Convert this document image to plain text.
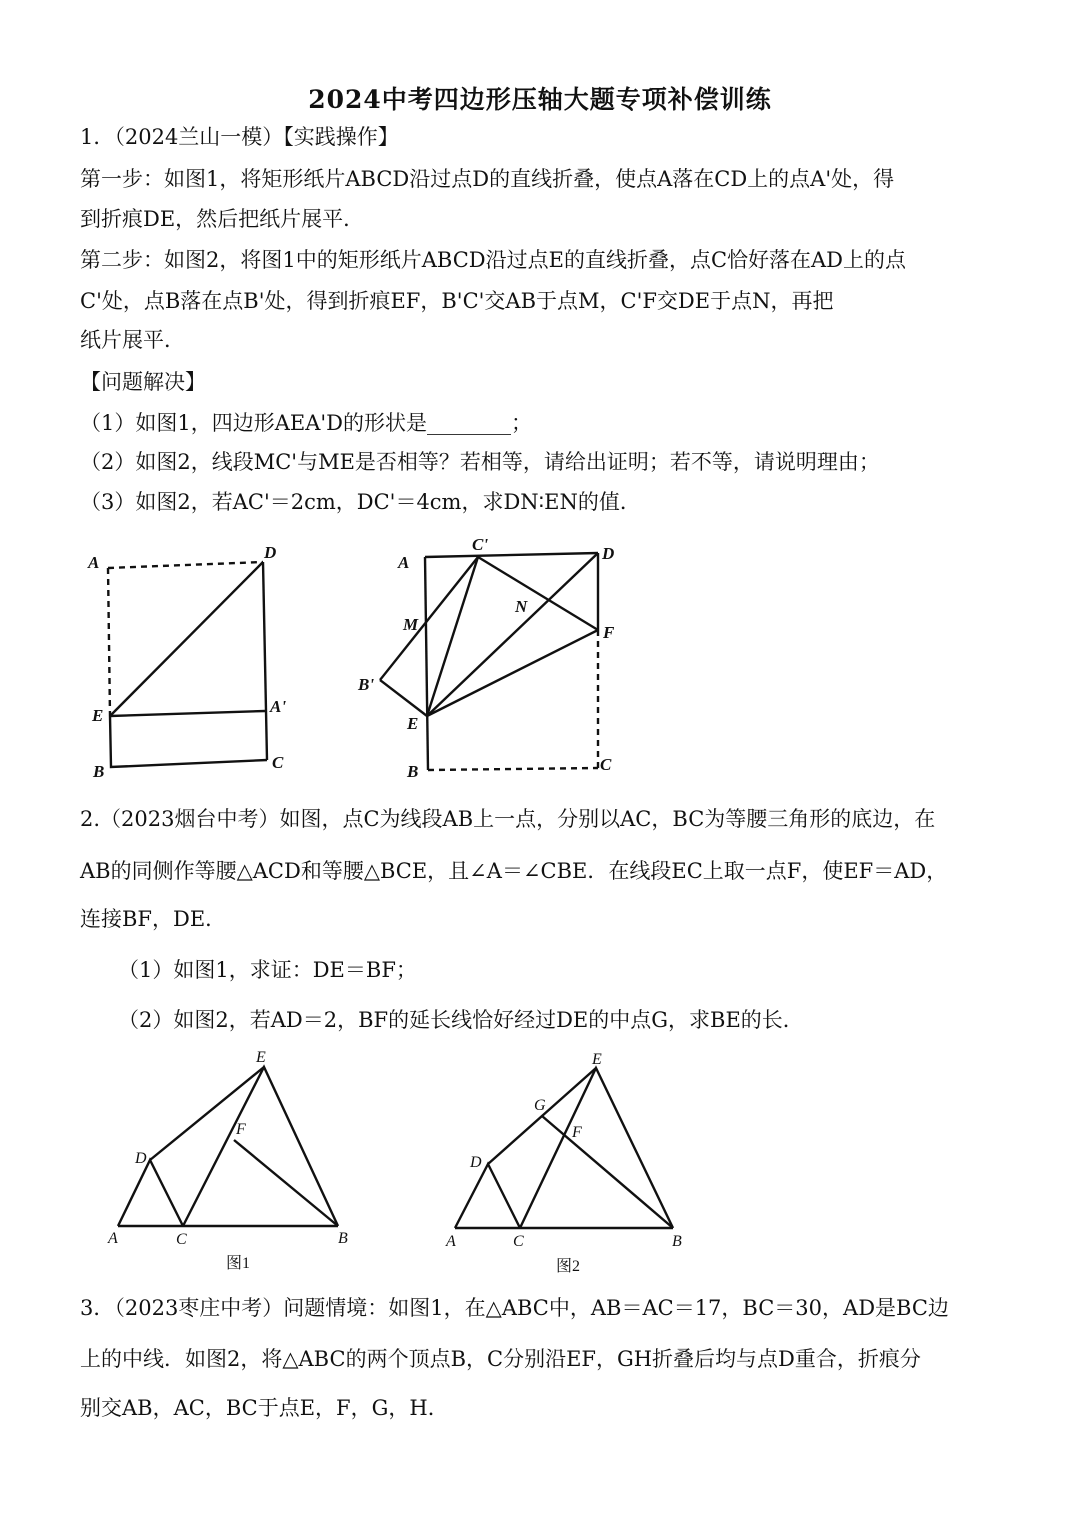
2024中考四边形压轴大题专项补偿训练
1．（2024兰山一模）【实践操作】
第一步：如图1，将矩形纸片ABCD沿过点D的直线折叠，使点A落在CD上的点A'处，得
到折痕DE，然后把纸片展平．
第二步：如图2，将图1中的矩形纸片ABCD沿过点E的直线折叠，点C恰好落在AD上的点
C'处，点B落在点B'处，得到折痕EF，B'C'交AB于点M，C'F交DE于点N，再把
纸片展平．
【问题解决】
（1）如图1，四边形AEA'D的形状是________；
（2）如图2，线段MC'与ME是否相等？若相等，请给出证明；若不等，请说明理由；
（3）如图2，若AC'＝2cm，DC'＝4cm，求DN∶EN的值．
A
D
E	A'
B	C
A
C'	D
N
M	F
B'
E
B	C
2.（2023烟台中考）如图，点C为线段AB上一点，分别以AC，BC为等腰三角形的底边，在
AB的同侧作等腰△ACD和等腰△BCE，且∠A＝∠CBE．在线段EC上取一点F，使EF＝AD，
连接BF，DE．
（1）如图1，求证：DE＝BF；
（2）如图2，若AD＝2，BF的延长线恰好经过DE的中点G，求BE的长．
E
F
D
A	C	B
图1
E
G
F
D
A	C	B
图2
3．（2023枣庄中考）问题情境：如图1，在△ABC中，AB＝AC＝17，BC＝30，AD是BC边
上的中线．如图2，将△ABC的两个顶点B，C分别沿EF，GH折叠后均与点D重合，折痕分
别交AB，AC，BC于点E，F，G，H．
